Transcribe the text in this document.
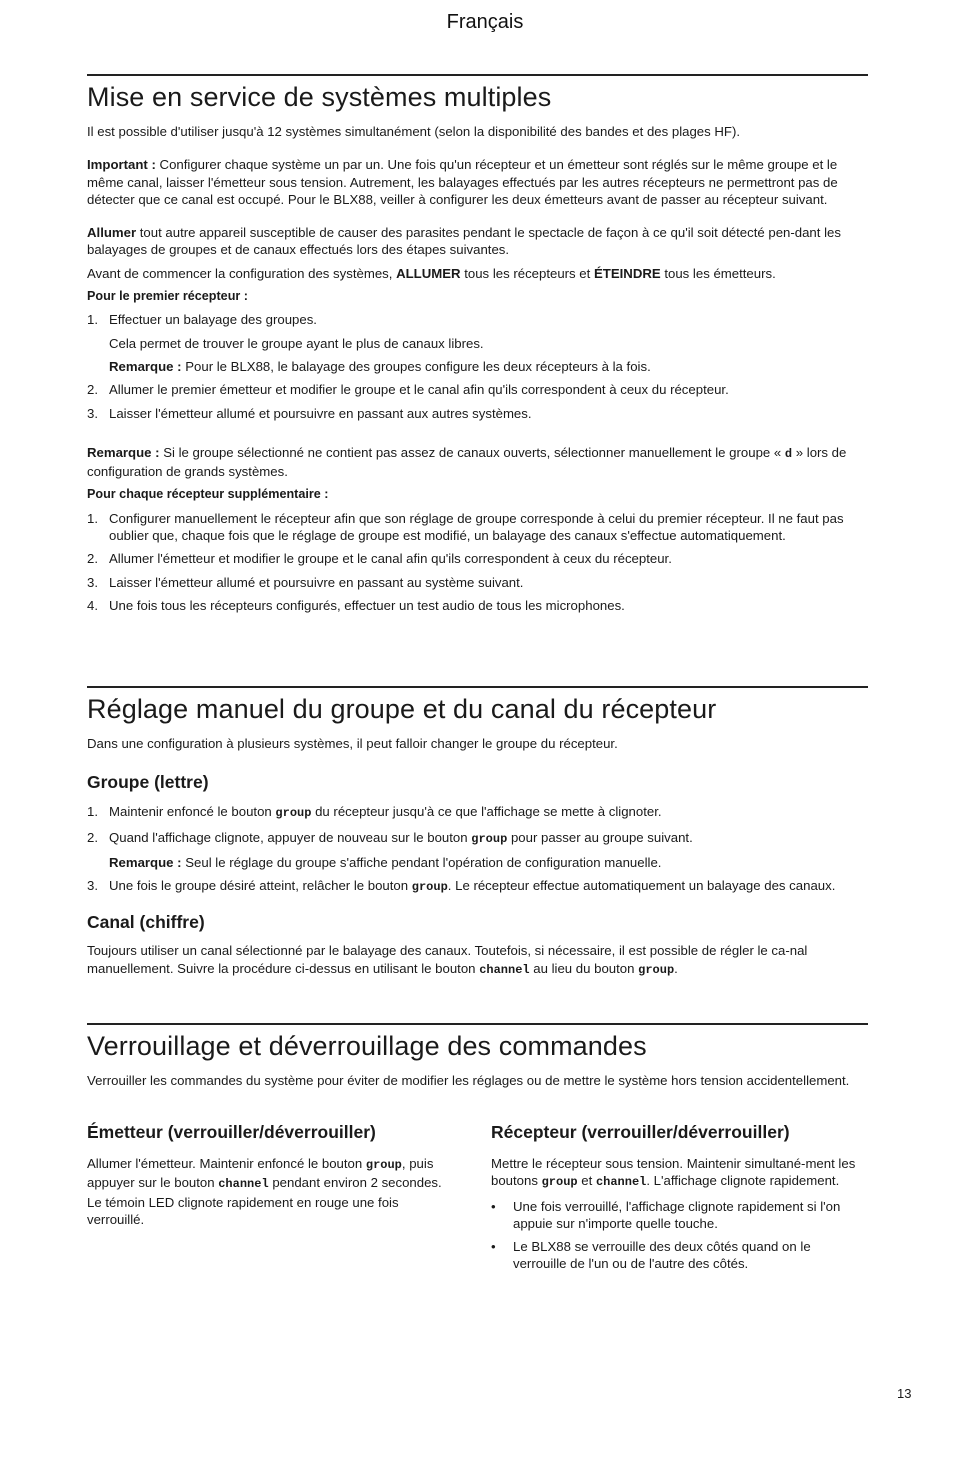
Français
Mise en service de systèmes multiples

Il est possible d'utiliser jusqu'à 12 systèmes simultanément (selon la disponibilité des bandes et des plages HF).

Important : Configurer chaque système un par un. Une fois qu'un récepteur et un émetteur sont réglés sur le même groupe et le même canal, laisser l'émetteur sous tension. Autrement, les balayages effectués par les autres récepteurs ne permettront pas de détecter que ce canal est occupé. Pour le BLX88, veiller à configurer les deux émetteurs avant de passer au récepteur suivant.

Allumer tout autre appareil susceptible de causer des parasites pendant le spectacle de façon à ce qu'il soit détecté pen-dant les balayages de groupes et de canaux effectués lors des étapes suivantes.

Avant de commencer la configuration des systèmes, ALLUMER tous les récepteurs et ÉTEINDRE tous les émetteurs.

Pour le premier récepteur :

1. Effectuer un balayage des groupes.
Cela permet de trouver le groupe ayant le plus de canaux libres.
Remarque : Pour le BLX88, le balayage des groupes configure les deux récepteurs à la fois.
2. Allumer le premier émetteur et modifier le groupe et le canal afin qu'ils correspondent à ceux du récepteur.
3. Laisser l'émetteur allumé et poursuivre en passant aux autres systèmes.

Remarque : Si le groupe sélectionné ne contient pas assez de canaux ouverts, sélectionner manuellement le groupe « d » lors de configuration de grands systèmes.

Pour chaque récepteur supplémentaire :

1. Configurer manuellement le récepteur afin que son réglage de groupe corresponde à celui du premier récepteur. Il ne faut pas oublier que, chaque fois que le réglage de groupe est modifié, un balayage des canaux s'effectue automatiquement.
2. Allumer l'émetteur et modifier le groupe et le canal afin qu'ils correspondent à ceux du récepteur.
3. Laisser l'émetteur allumé et poursuivre en passant au système suivant.
4. Une fois tous les récepteurs configurés, effectuer un test audio de tous les microphones.
Réglage manuel du groupe et du canal du récepteur

Dans une configuration à plusieurs systèmes, il peut falloir changer le groupe du récepteur.

Groupe (lettre)
1. Maintenir enfoncé le bouton group du récepteur jusqu'à ce que l'affichage se mette à clignoter.
2. Quand l'affichage clignote, appuyer de nouveau sur le bouton group pour passer au groupe suivant.
Remarque : Seul le réglage du groupe s'affiche pendant l'opération de configuration manuelle.
3. Une fois le groupe désiré atteint, relâcher le bouton group. Le récepteur effectue automatiquement un balayage des canaux.
Canal (chiffre)

Toujours utiliser un canal sélectionné par le balayage des canaux. Toutefois, si nécessaire, il est possible de régler le ca-nal manuellement. Suivre la procédure ci-dessus en utilisant le bouton channel au lieu du bouton group.

Verrouillage et déverrouillage des commandes

Verrouiller les commandes du système pour éviter de modifier les réglages ou de mettre le système hors tension accidentellement.

Émetteur (verrouiller/déverrouiller)

Allumer l'émetteur. Maintenir enfoncé le bouton group, puis appuyer sur le bouton channel pendant environ 2 secondes. Le témoin LED clignote rapidement en rouge une fois verrouillé.

Récepteur (verrouiller/déverrouiller)

Mettre le récepteur sous tension. Maintenir simultané-ment les boutons group et channel. L'affichage clignote rapidement.

• Une fois verrouillé, l'affichage clignote rapidement si l'on appuie sur n'importe quelle touche.
• Le BLX88 se verrouille des deux côtés quand on le verrouille de l'un ou de l'autre des côtés.
13
